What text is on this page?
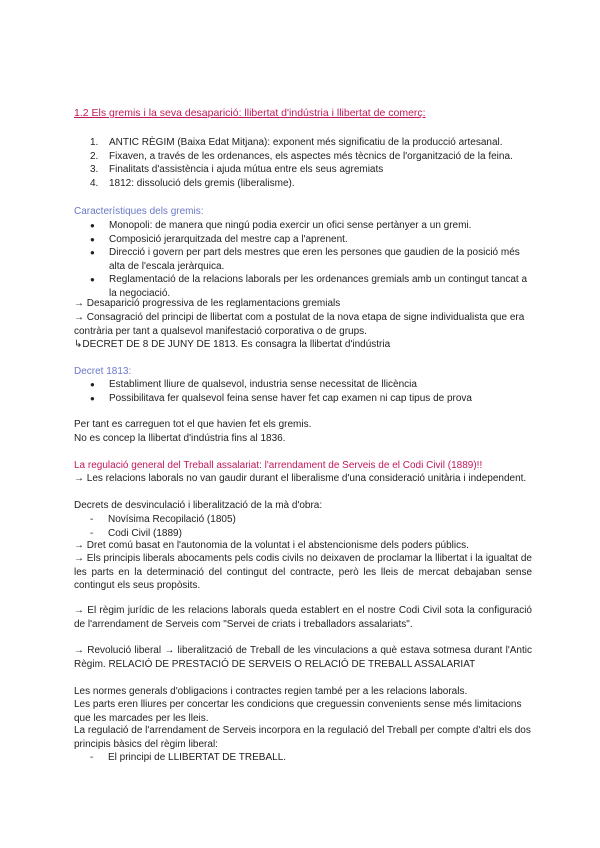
1.2 Els gremis i la seva desaparició: llibertat d'indústria i llibertat de comerç:
1. ANTIC RÈGIM (Baixa Edat Mitjana): exponent més significatiu de la producció artesanal.
2. Fixaven, a través de les ordenances, els aspectes més tècnics de l'organització de la feina.
3. Finalitats d'assistència i ajuda mútua entre els seus agremiats
4. 1812: dissolució dels gremis (liberalisme).
Característiques dels gremis:
● Monopoli: de manera que ningú podia exercir un ofici sense pertànyer a un gremi.
● Composició jerarquitzada del mestre cap a l'aprenent.
● Direcció i govern per part dels mestres que eren les persones que gaudien de la posició més alta de l'escala jeràrquica.
● Reglamentació de la relacions laborals per les ordenances gremials amb un contingut tancat a la negociació.
→ Desaparició progressiva de les reglamentacions gremials
→ Consagració del principi de llibertat com a postulat de la nova etapa de signe individualista que era contrària per tant a qualsevol manifestació corporativa o de grups.
↳DECRET DE 8 DE JUNY DE 1813. Es consagra la llibertat d'indústria
Decret 1813:
● Establiment lliure de qualsevol, industria sense necessitat de llicència
● Possibilitava fer qualsevol feina sense haver fet cap examen ni cap tipus de prova
Per tant es carreguen tot el que havien fet els gremis.
No es concep la llibertat d'indústria fins al 1836.
La regulació general del Treball assalariat: l'arrendament de Serveis de el Codi Civil (1889)!!
→ Les relacions laborals no van gaudir durant el liberalisme d'una consideració unitària i independent.
Decrets de desvinculació i liberalització de la mà d'obra:
- Novísima Recopilació (1805)
- Codi Civil (1889)
→ Dret comú basat en l'autonomia de la voluntat i el abstencionisme dels poders públics.
→ Els principis liberals abocaments pels codis civils no deixaven de proclamar la llibertat i la igualtat de les parts en la determinació del contingut del contracte, però les lleis de mercat debajaban sense contingut els seus propòsits.
→ El règim jurídic de les relacions laborals queda establert en el nostre Codi Civil sota la configuració de l'arrendament de Serveis com "Servei de criats i treballadors assalariats".
→ Revolució liberal → liberalització de Treball de les vinculacions a què estava sotmesa durant l'Antic Règim. RELACIÓ DE PRESTACIÓ DE SERVEIS O RELACIÓ DE TREBALL ASSALARIAT
Les normes generals d'obligacions i contractes regien també per a les relacions laborals.
Les parts eren lliures per concertar les condicions que creguessin convenients sense més limitacions que les marcades per les lleis.
La regulació de l'arrendament de Serveis incorpora en la regulació del Treball per compte d'altri els dos principis bàsics del règim liberal:
- El principi de LLIBERTAT DE TREBALL.
